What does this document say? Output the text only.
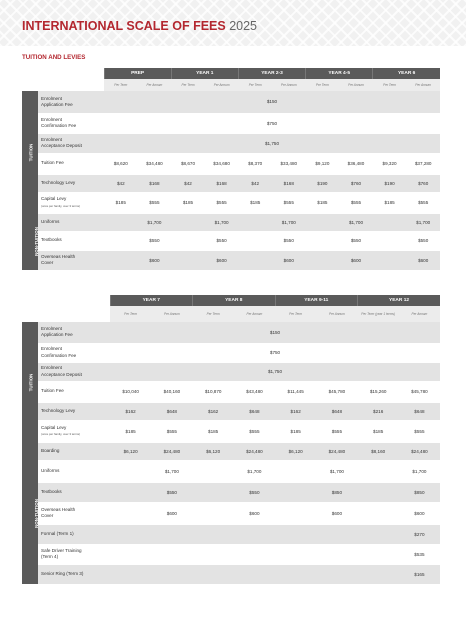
INTERNATIONAL SCALE OF FEES 2025
TUITION AND LEVIES
		PREP		YEAR 1		YEAR 2-3		YEAR 4-5		YEAR 6	
		Per Term	Per Annum	Per Term	Per Annum	Per Term	Per Annum	Per Term	Per Annum	Per Term	Per Annum
TUITION	Enrolment
Application Fee	$150									
	Enrolment
Confirmation Fee	$750									
	Enrolment
Acceptance Deposit	$1,750									
	Tuition Fee	$8,620	$34,480	$8,670	$34,680	$8,370	$33,480	$9,120	$36,480	$9,320	$37,280
	Technology Levy	$42	$168	$42	$168	$42	$168	$190	$760	$190	$760
	Capital Levy
(once per family, over 3 terms)	$185	$555	$185	$555	$185	$555	$185	$555	$185	$555
NON-TUITION	Uniforms		$1,700		$1,700		$1,700		$1,700		$1,700
	Textbooks		$550		$550		$550		$550		$550
	Overseas Health
Cover		$600		$600		$600		$600		$600
		YEAR 7		YEAR 8		YEAR 9-11		YEAR 12	
		Per Term	Per Annum	Per Term	Per Annum	Per Term	Per Annum	Per Term (year 1 terms)	Per Annum
TUITION	Enrolment
Application Fee	$150							
	Enrolment
Confirmation Fee	$750							
	Enrolment
Acceptance Deposit	$1,750							
	Tuition Fee	$10,040	$40,160	$10,870	$43,480	$11,445	$45,780	$15,260	$45,780
	Technology Levy	$162	$648	$162	$648	$162	$648	$216	$648
	Capital Levy
(once per family, over 3 terms)	$185	$555	$185	$555	$185	$555	$185	$555
NON-TUITION	Boarding	$6,120	$24,480	$6,120	$24,480	$6,120	$24,480	$8,160	$24,480
	Uniforms		$1,700		$1,700		$1,700		$1,700
	Textbooks		$550		$550		$850		$850
	Overseas Health
Cover		$600		$600		$600		$600
	Formal (Term 1)								$270
	Safe Driver Training
(Term 4)								$535
	Senior Ring (Term 3)								$165
